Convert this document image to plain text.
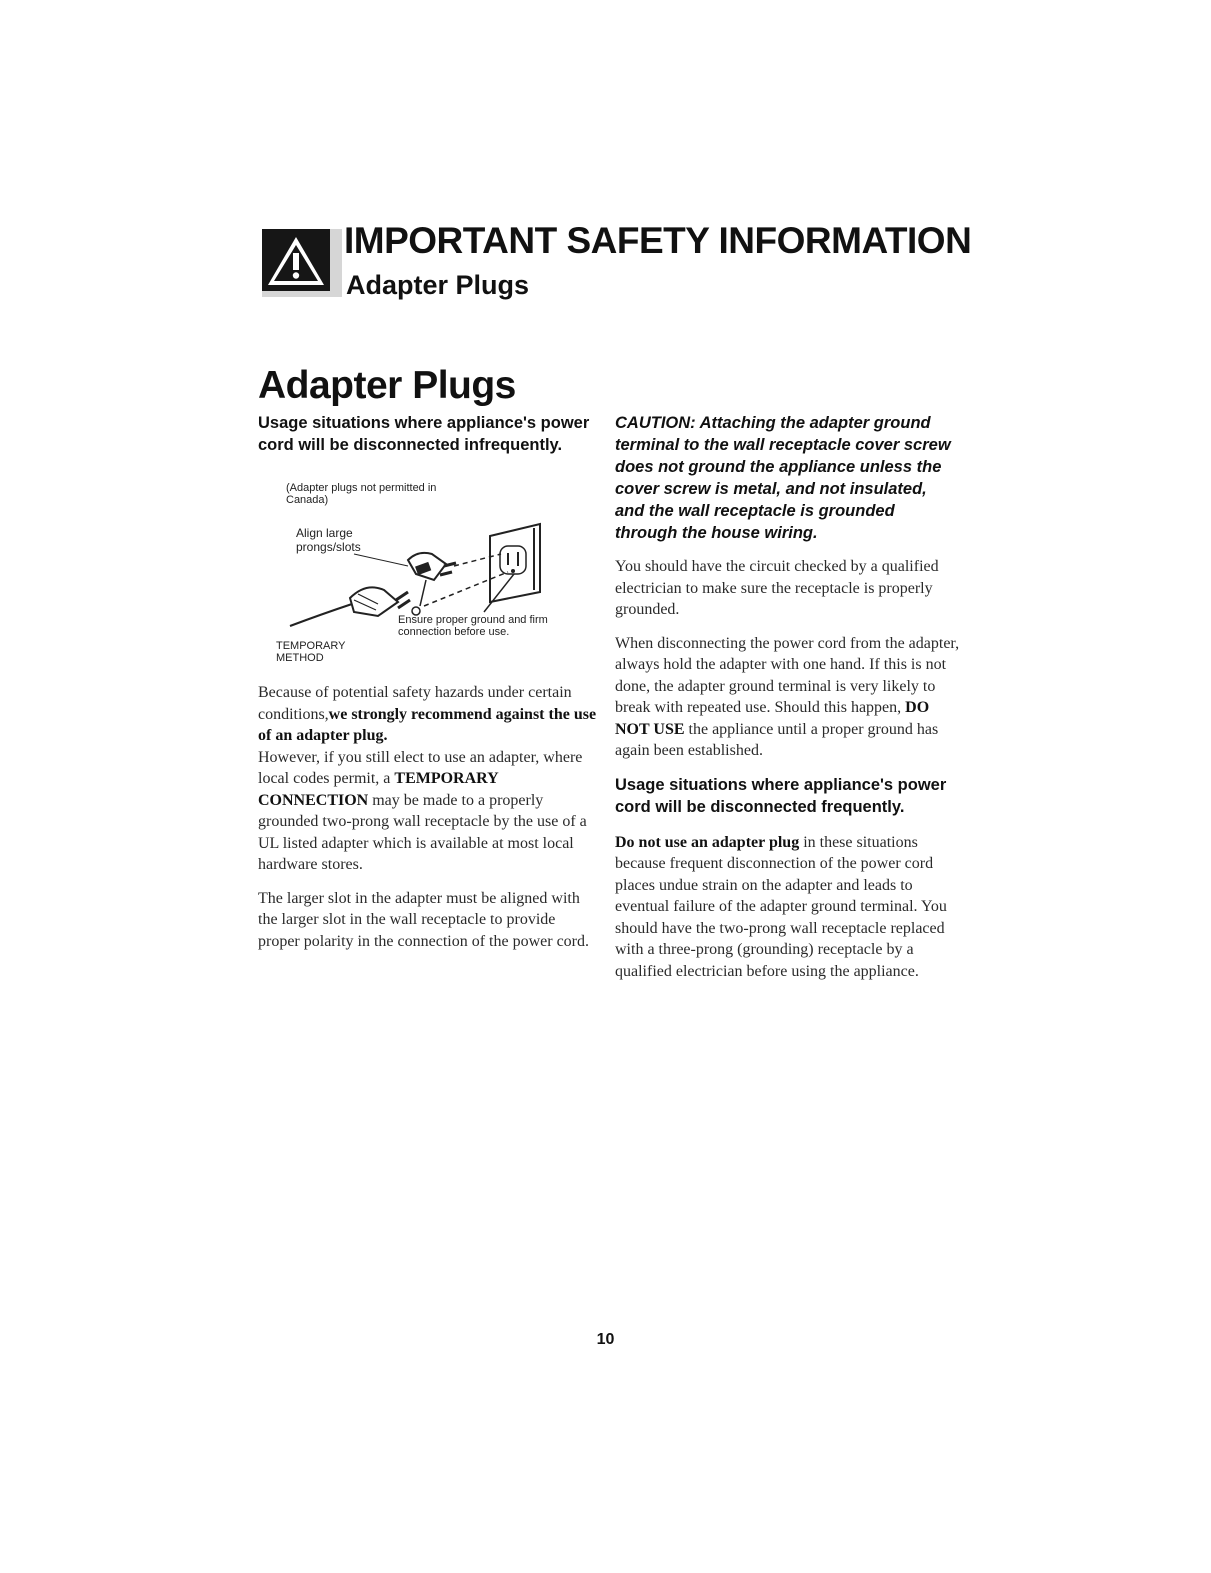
IMPORTANT SAFETY INFORMATION
Adapter Plugs
Adapter Plugs

Usage situations where appliance's power cord will be disconnected infrequently.

(Adapter plugs not permitted in Canada)
Align large prongs/slots
Ensure proper ground and firm connection before use.
TEMPORARY METHOD

Because of potential safety hazards under certain conditions,we strongly recommend against the use of an adapter plug.
However, if you still elect to use an adapter, where local codes permit, a TEMPORARY CONNECTION may be made to a properly grounded two-prong wall receptacle by the use of a UL listed adapter which is available at most local hardware stores.

The larger slot in the adapter must be aligned with the larger slot in the wall receptacle to provide proper polarity in the connection of the power cord.

CAUTION: Attaching the adapter ground terminal to the wall receptacle cover screw does not ground the appliance unless the cover screw is metal, and not insulated, and the wall receptacle is grounded through the house wiring.

You should have the circuit checked by a qualified electrician to make sure the receptacle is properly grounded.

When disconnecting the power cord from the adapter, always hold the adapter with one hand. If this is not done, the adapter ground terminal is very likely to break with repeated use. Should this happen, DO NOT USE the appliance until a proper ground has again been established.

Usage situations where appliance's power cord will be disconnected frequently.

Do not use an adapter plug in these situations because frequent disconnection of the power cord places undue strain on the adapter and leads to eventual failure of the adapter ground terminal. You should have the two-prong wall receptacle replaced with a three-prong (grounding) receptacle by a qualified electrician before using the appliance.

10
